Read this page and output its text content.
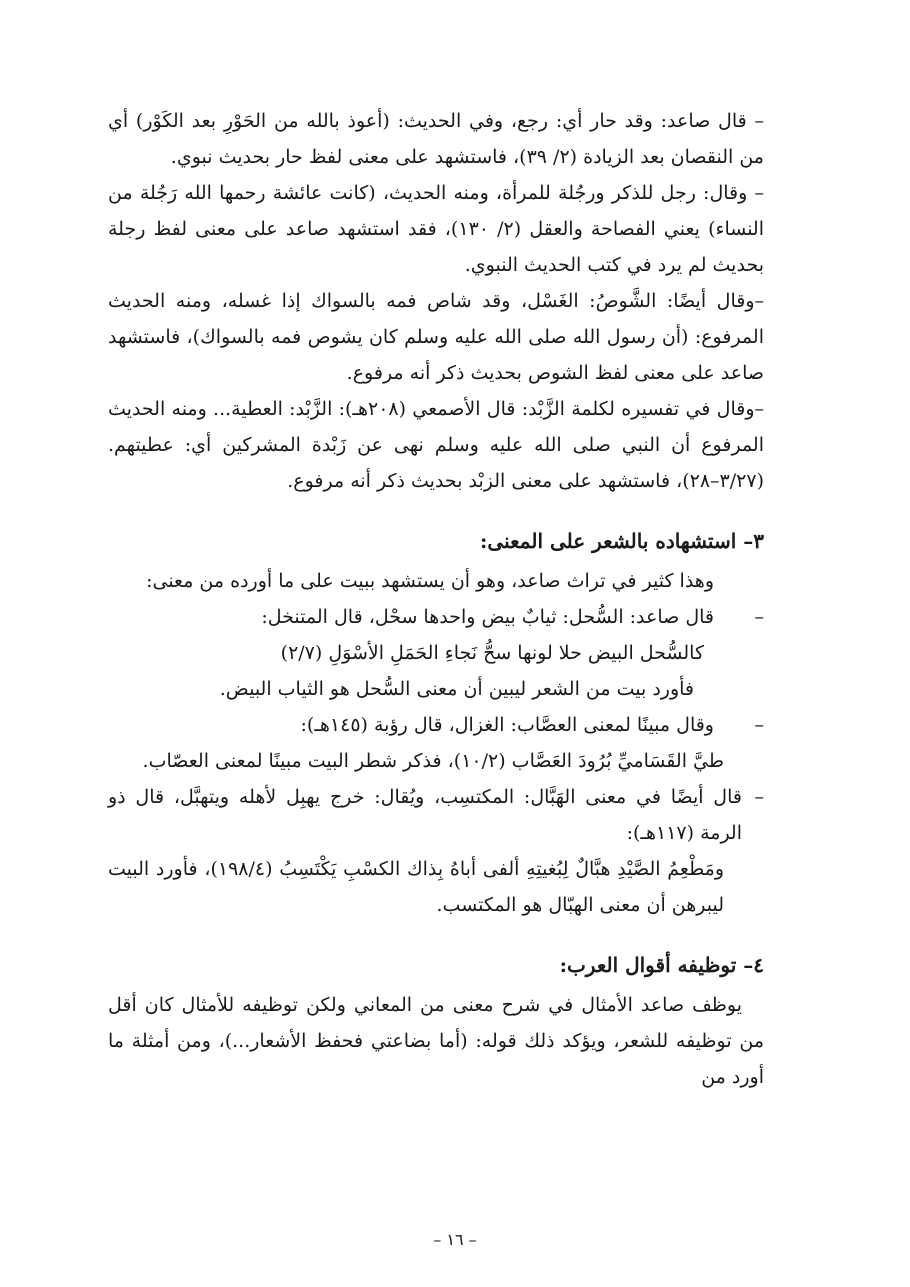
– قال صاعد: وقد حار أي: رجع، وفي الحديث: (أعوذ بالله من الحَوْرِ بعد الكَوْر) أي من النقصان بعد الزيادة (٢/ ٣٩)، فاستشهد على معنى لفظ حار بحديث نبوي.

– وقال: رجل للذكر ورجُلة للمرأة، ومنه الحديث، (كانت عائشة رحمها الله رَجُلة من النساء) يعني الفصاحة والعقل (٢/ ١٣٠)، فقد استشهد صاعد على معنى لفظ رجلة بحديث لم يرد في كتب الحديث النبوي.

–وقال أيضًا: الشَّوصُ: الغَسْل، وقد شاص فمه بالسواك إذا غسله، ومنه الحديث المرفوع: (أن رسول الله صلى الله عليه وسلم كان يشوص فمه بالسواك)، فاستشهد صاعد على معنى لفظ الشوص بحديث ذكر أنه مرفوع.

–وقال في تفسيره لكلمة الزَّبْد: قال الأصمعي (٢٠٨هـ): الزَّبْد: العطية... ومنه الحديث المرفوع أن النبي صلى الله عليه وسلم نهى عن زَبْدة المشركين أي: عطيتهم. (٣/٢٧–٢٨)، فاستشهد على معنى الزبْد بحديث ذكر أنه مرفوع.

٣– استشهاده بالشعر على المعنى:

وهذا كثير في تراث صاعد، وهو أن يستشهد ببيت على ما أورده من معنى:

– قال صاعد: السُّحل: ثيابٌ بيض واحدها سحْل، قال المتنخل:

كالسُّحل البيض حلا لونها سحُّ نَجاءِ الحَمَلِ الأسْوَلِ (٢/٧)

فأورد بيت من الشعر ليبين أن معنى السُّحل هو الثياب البيض.

– وقال مبينًا لمعنى العصَّاب: الغزال، قال رؤبة (١٤٥هـ):

طيَّ القَسَاميِّ بُرُودَ العَصَّاب (١٠/٢)، فذكر شطر البيت مبينًا لمعنى العصّاب.

– قال أيضًا في معنى الهَبَّال: المكتسِب، ويُقال: خرج يهبِل لأهله ويتهبَّل، قال ذو الرمة (١١٧هـ):

ومَطْعِمُ الصَّيْدِ هبَّالٌ لِبُغيتِهِ ألفى أباهُ بِذاك الكسْبِ يَكْتَسِبُ (١٩٨/٤)، فأورد البيت ليبرهن أن معنى الهبّال هو المكتسب.

٤– توظيفه أقوال العرب:

يوظف صاعد الأمثال في شرح معنى من المعاني ولكن توظيفه للأمثال كان أقل من توظيفه للشعر، ويؤكد ذلك قوله: (أما بضاعتي فحفظ الأشعار...)، ومن أمثلة ما أورد من

– ١٦ –
